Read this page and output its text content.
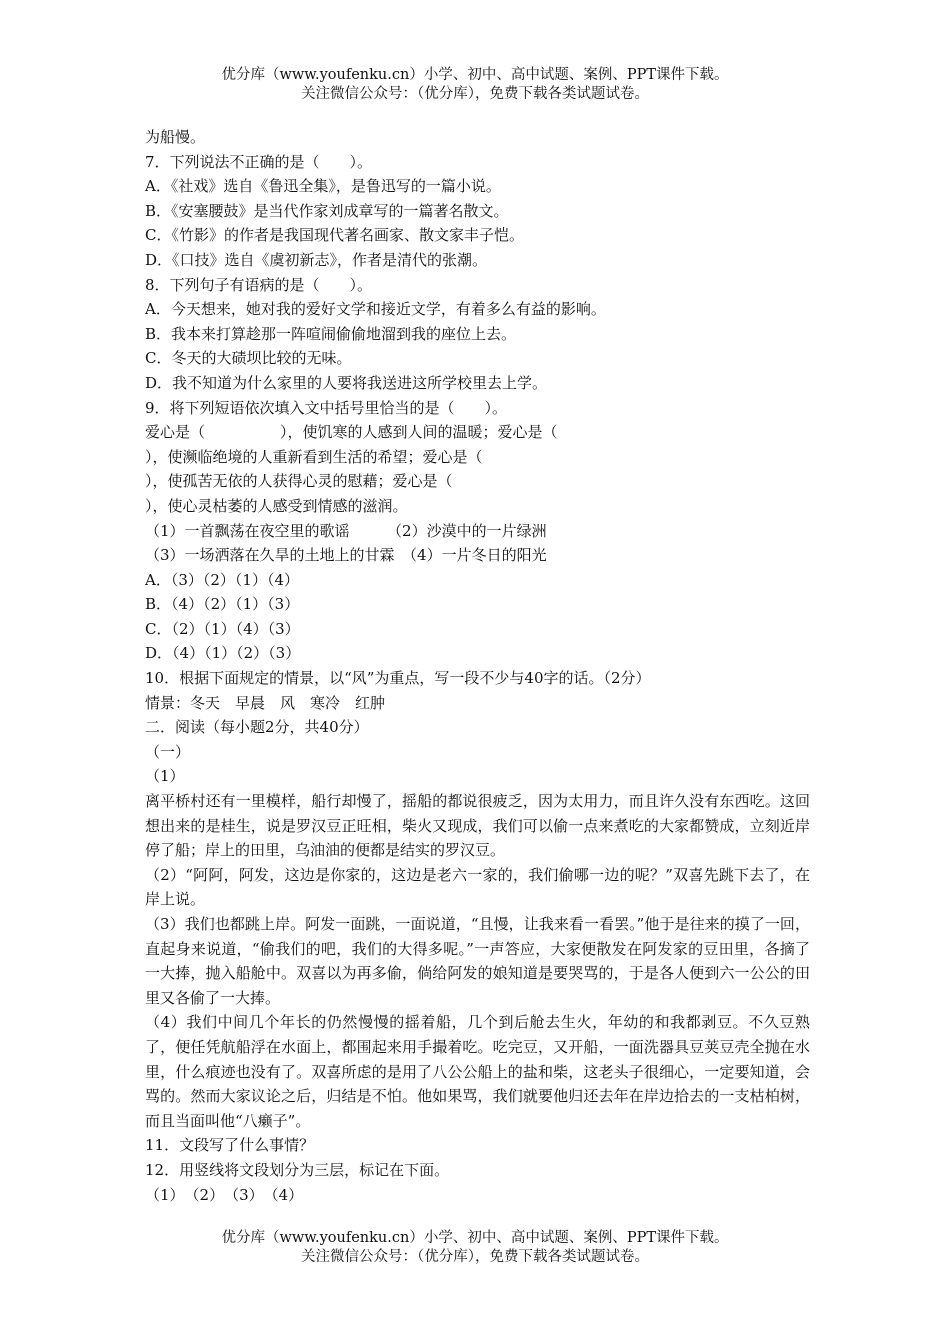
优分库（www.youfenku.cn）小学、初中、高中试题、案例、PPT课件下载。
关注微信公众号：（优分库），免费下载各类试题试卷。

为船慢。

7．下列说法不正确的是（　　）。

A．《社戏》选自《鲁迅全集》，是鲁迅写的一篇小说。

B．《安塞腰鼓》是当代作家刘成章写的一篇著名散文。

C．《竹影》的作者是我国现代著名画家、散文家丰子恺。

D．《口技》选自《虞初新志》，作者是清代的张潮。

8．下列句子有语病的是（　　）。

A．今天想来，她对我的爱好文学和接近文学，有着多么有益的影响。

B．我本来打算趁那一阵喧闹偷偷地溜到我的座位上去。

C．冬天的大碛坝比较的无味。

D．我不知道为什么家里的人要将我送进这所学校里去上学。

9．将下列短语依次填入文中括号里恰当的是（　　）。

爱心是（　　　　　），使饥寒的人感到人间的温暖；爱心是（

），使濒临绝境的人重新看到生活的希望；爱心是（

），使孤苦无依的人获得心灵的慰藉；爱心是（

），使心灵枯萎的人感受到情感的滋润。

（1）一首飘荡在夜空里的歌谣　　　（2）沙漠中的一片绿洲

（3）一场洒落在久旱的土地上的甘霖　（4）一片冬日的阳光

A．（3）（2）（1）（4）

B．（4）（2）（1）（3）

C．（2）（1）（4）（3）

D．（4）（1）（2）（3）

10．根据下面规定的情景，以“风”为重点，写一段不少与40字的话。（2分）

情景：冬天　早晨　风　寒冷　红肿

二．阅读（每小题2分，共40分）

（一）

（1）

离平桥村还有一里模样，船行却慢了，摇船的都说很疲乏，因为太用力，而且许久没有东西吃。这回想出来的是桂生，说是罗汉豆正旺相，柴火又现成，我们可以偷一点来煮吃的大家都赞成，立刻近岸停了船；岸上的田里，乌油油的便都是结实的罗汉豆。

（2）“阿阿，阿发，这边是你家的，这边是老六一家的，我们偷哪一边的呢？”双喜先跳下去了，在岸上说。

（3）我们也都跳上岸。阿发一面跳，一面说道，“且慢，让我来看一看罢。”他于是往来的摸了一回，直起身来说道，“偷我们的吧，我们的大得多呢。”一声答应，大家便散发在阿发家的豆田里，各摘了一大捧，抛入船舱中。双喜以为再多偷，倘给阿发的娘知道是要哭骂的，于是各人便到六一公公的田里又各偷了一大捧。

（4）我们中间几个年长的仍然慢慢的摇着船，几个到后舱去生火，年幼的和我都剥豆。不久豆熟了，便任凭航船浮在水面上，都围起来用手撮着吃。吃完豆，又开船，一面洗器具豆荚豆壳全抛在水里，什么痕迹也没有了。双喜所虑的是用了八公公船上的盐和柴，这老头子很细心，一定要知道，会骂的。然而大家议论之后，归结是不怕。他如果骂，我们就要他归还去年在岸边拾去的一支枯柏树，而且当面叫他“八癞子”。

11．文段写了什么事情？

12．用竖线将文段划分为三层，标记在下面。

（1）　（2）　（3）　（4）

优分库（www.youfenku.cn）小学、初中、高中试题、案例、PPT课件下载。
关注微信公众号：（优分库），免费下载各类试题试卷。
